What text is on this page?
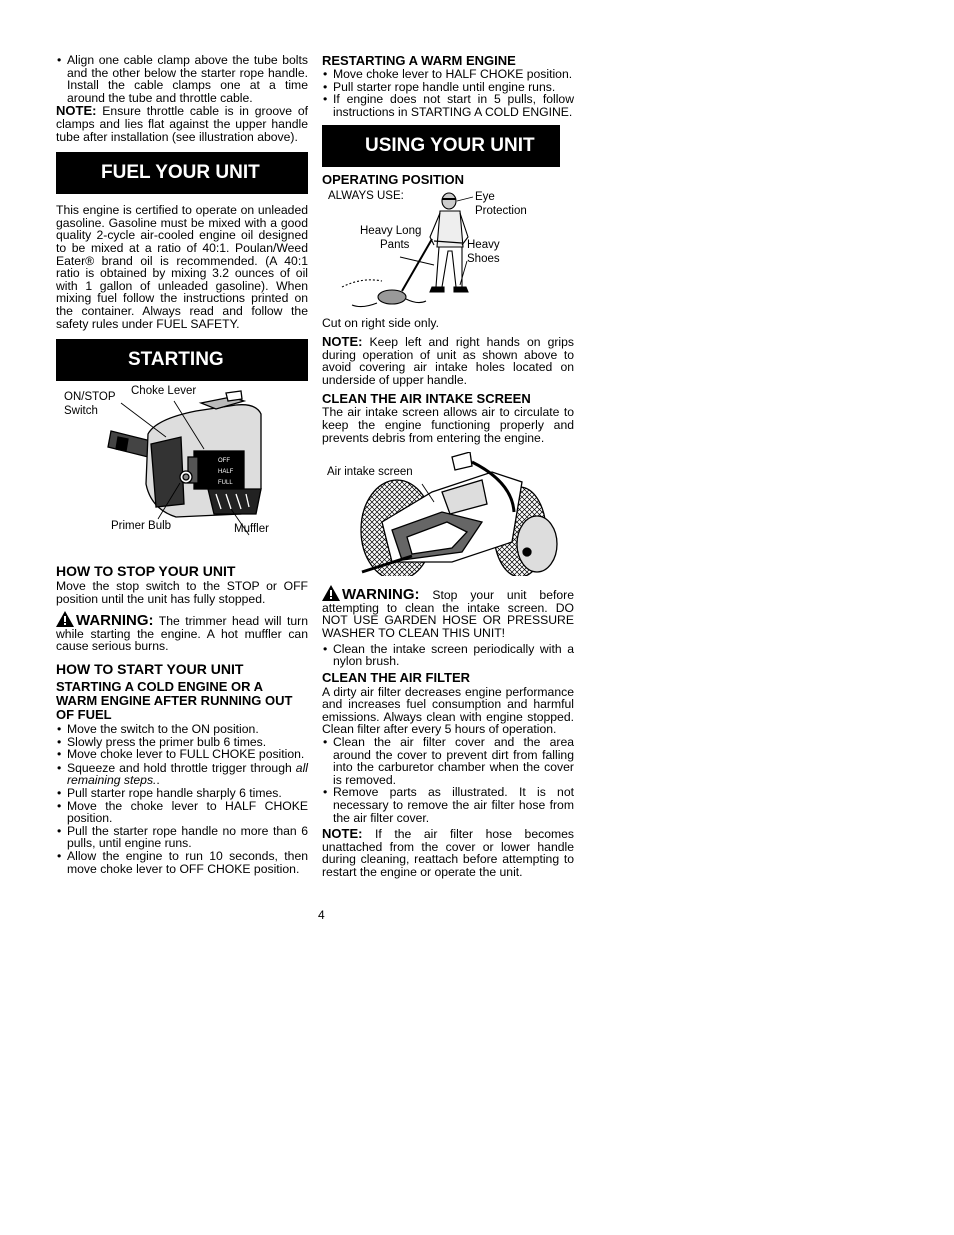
• Align one cable clamp above the tube bolts and the other below the starter rope handle. Install the cable clamps one at a time around the tube and throttle cable.

NOTE: Ensure throttle cable is in groove of clamps and lies flat against the upper handle tube after installation (see illustration above).

FUEL YOUR UNIT

This engine is certified to operate on unleaded gasoline. Gasoline must be mixed with a good quality 2-cycle air-cooled engine oil designed to be mixed at a ratio of 40:1. Poulan/Weed Eater® brand oil is recommended. (A 40:1 ratio is obtained by mixing 3.2 ounces of oil with 1 gallon of unleaded gasoline). When mixing fuel follow the instructions printed on the container. Always read and follow the safety rules under FUEL SAFETY.

STARTING
OFF
HALF
FULL
ON/STOP
Switch
Choke Lever
Primer Bulb	Muffler
HOW TO STOP YOUR UNIT

Move the stop switch to the STOP or OFF position until the unit has fully stopped.

WARNING: The trimmer head will turn while starting the engine. A hot muffler can cause serious burns.

HOW TO START YOUR UNIT
STARTING A COLD ENGINE OR A WARM ENGINE AFTER RUNNING OUT OF FUEL
• Move the switch to the ON position.
• Slowly press the primer bulb 6 times.
• Move choke lever to FULL CHOKE position.
• Squeeze and hold throttle trigger through all remaining steps..
• Pull starter rope handle sharply 6 times.
• Move the choke lever to HALF CHOKE position.
• Pull the starter rope handle no more than 6 pulls, until engine runs.
• Allow the engine to run 10 seconds, then move choke lever to OFF CHOKE position.
RESTARTING A WARM ENGINE
• Move choke lever to HALF CHOKE position.
• Pull starter rope handle until engine runs.
• If engine does not start in 5 pulls, follow instructions in STARTING A COLD ENGINE.
USING YOUR UNIT
OPERATING POSITION
ALWAYS USE:	Eye
Protection
Heavy Long
Pants	Heavy
Shoes

Cut on right side only.

NOTE: Keep left and right hands on grips during operation of unit as shown above to avoid covering air intake holes located on underside of upper handle.

CLEAN THE AIR INTAKE SCREEN

The air intake screen allows air to circulate to keep the engine functioning properly and prevents debris from entering the engine.

Air intake screen

WARNING: Stop your unit before attempting to clean the intake screen. DO NOT USE GARDEN HOSE OR PRESSURE WASHER TO CLEAN THIS UNIT!

• Clean the intake screen periodically with a nylon brush.
CLEAN THE AIR FILTER

A dirty air filter decreases engine performance and increases fuel consumption and harmful emissions. Always clean with engine stopped. Clean filter after every 5 hours of operation.

• Clean the air filter cover and the area around the cover to prevent dirt from falling into the carburetor chamber when the cover is removed.
• Remove parts as illustrated. It is not necessary to remove the air filter hose from the air filter cover.

NOTE: If the air filter hose becomes unattached from the cover or lower handle during cleaning, reattach before attempting to restart the engine or operate the unit.

4
